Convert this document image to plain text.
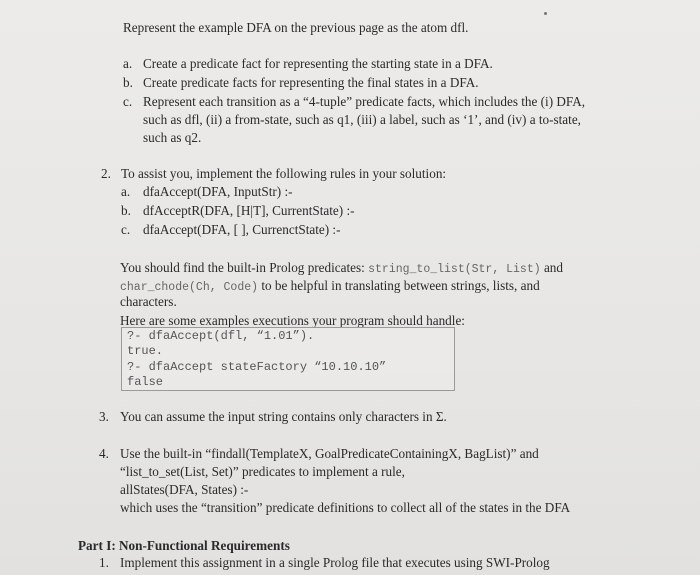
Represent the example DFA on the previous page as the atom dfl.
a. Create a predicate fact for representing the starting state in a DFA.
b. Create predicate facts for representing the final states in a DFA.
c. Represent each transition as a “4-tuple” predicate facts, which includes the (i) DFA,
such as dfl, (ii) a from-state, such as q1, (iii) a label, such as ‘1’, and (iv) a to-state,
such as q2.
2. To assist you, implement the following rules in your solution:
a. dfaAccept(DFA, InputStr) :-
b. dfAcceptR(DFA, [H|T], CurrentState) :-
c. dfaAccept(DFA, [ ], CurrenctState) :-
You should find the built-in Prolog predicates: string_to_list(Str, List) and
char_chode(Ch, Code) to be helpful in translating between strings, lists, and
characters.
Here are some examples executions your program should handle:
?- dfaAccept(dfl, “1.01”).
true.
?- dfaAccept stateFactory “10.10.10”
false
3. You can assume the input string contains only characters in Σ.
4. Use the built-in “findall(TemplateX, GoalPredicateContainingX, BagList)” and
“list_to_set(List, Set)” predicates to implement a rule,
allStates(DFA, States) :-
which uses the “transition” predicate definitions to collect all of the states in the DFA
Part I: Non-Functional Requirements
1. Implement this assignment in a single Prolog file that executes using SWI-Prolog
